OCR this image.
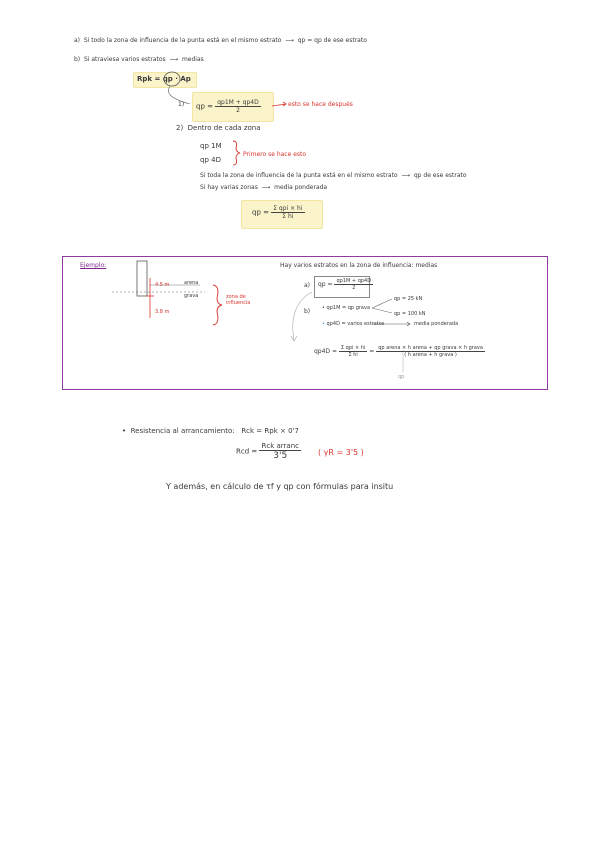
a) Si todo la zona de influencia de la punta está en el mismo estrato  ⟶  qp = qp de ese estrato
b) Si atraviesa varios estratos  ⟶  medias
Rpk = qp · Ap
1) qp = $\frac{qp1M + qp4D}{2}$	esto se hace después
2) Dentro de cada zona
qp 1M
qp 4D
Primero se hace esto
Si toda la zona de influencia de la punta está en el mismo estrato  ⟶  qp de ese estrato
Si hay varias zonas  ⟶  media ponderada
qp = $\frac{\text{Σ qpi × hi}}{\text{Σ hi}}$
Ejemplo:
arena
grava
4.5 m
3.8 m
zona de influencia
Hay varios estratos en la zona de influencia: medias
a) qp = $\frac{qp1M + qp4D}{2}$
b) • qp1M = qp grava
qp = 25 kN
qp = 100 kN
• qp4D = varios estratos	media ponderada
$qp4D = \frac{\text{Σ qpi × hi}}{\text{Σ hi}} = \frac{\text{qp arena × h arena + qp grava × h grava}}{\text{( h arena + h grava )}}$
qp
• Resistencia al arrancamiento: Rck = Rpk × 0'7
Rcd = $\frac{\text{Rck arranc}}{3'5}$ ( γR = 3'5 )
Y además, en cálculo de τf y qp con fórmulas para insitu
